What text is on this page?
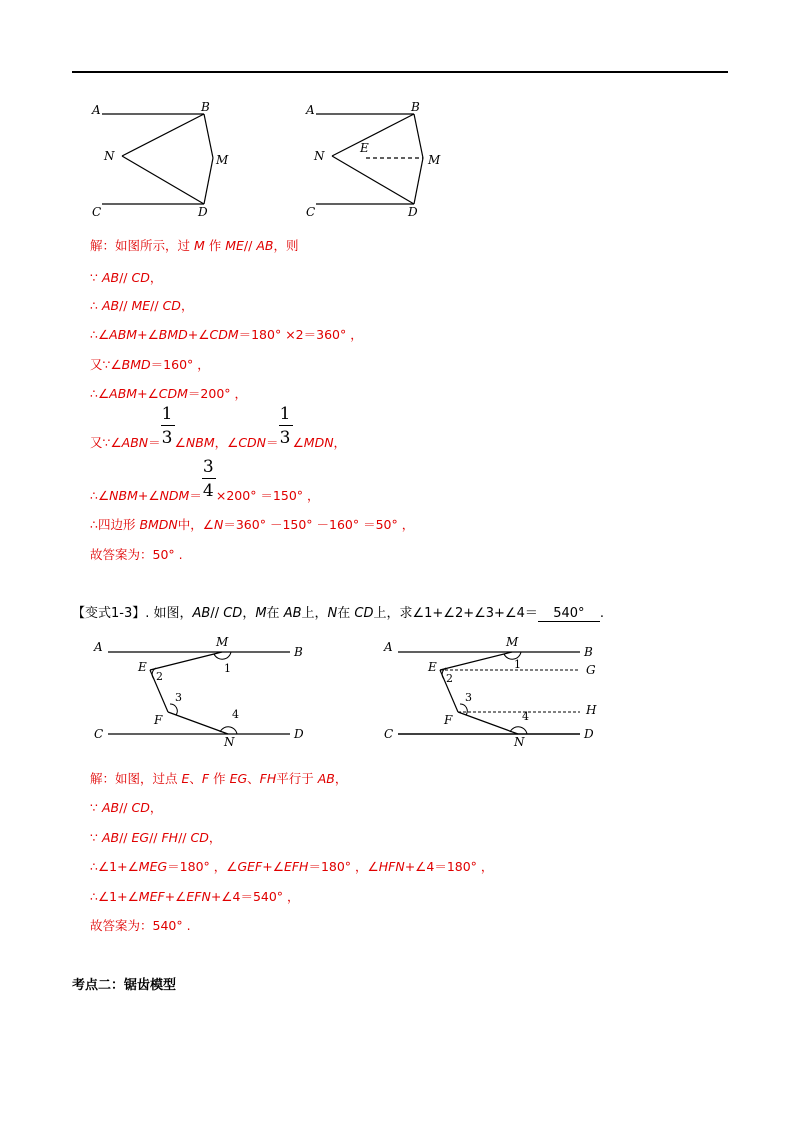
A	B
N	M
C	D
A	B
N
E
M
C	D
解：如图所示，过 M 作 ME// AB，则
∵ AB// CD，
∴ AB// ME// CD，
∴∠ABM+∠BMD+∠CDM＝180° ×2＝360° ，
又∵∠BMD＝160° ，
∴∠ABM+∠CDM＝200° ，
又∵∠ABN＝ $\frac{1}{3}$ ∠NBM，∠CDN＝ $\frac{1}{3}$ ∠MDN，
∴∠NBM+∠NDM＝ $\frac{3}{4} \times 200^\circ =150^\circ$ ，
∴四边形 BMDN中，∠N＝360° －150° －160° ＝50° ，
故答案为：50° .
【变式1-3】. 如图，AB// CD，M在 AB上，N在 CD上，求∠1+∠2+∠3+∠4＝ 540° .
A	M
B
E	1
2
3
F	4
C
N
D
A	M
B
E	1	G
2
3
F
H
4
C
N
D
解：如图，过点 E、F 作 EG、FH平行于 AB，
∵ AB// CD，
∵ AB// EG// FH// CD，
∴∠1+∠MEG＝180° ，∠GEF+∠EFH＝180° ，∠HFN+∠4＝180° ，
∴∠1+∠MEF+∠EFN+∠4＝540° ，
故答案为：540° .
考点二：锯齿模型
